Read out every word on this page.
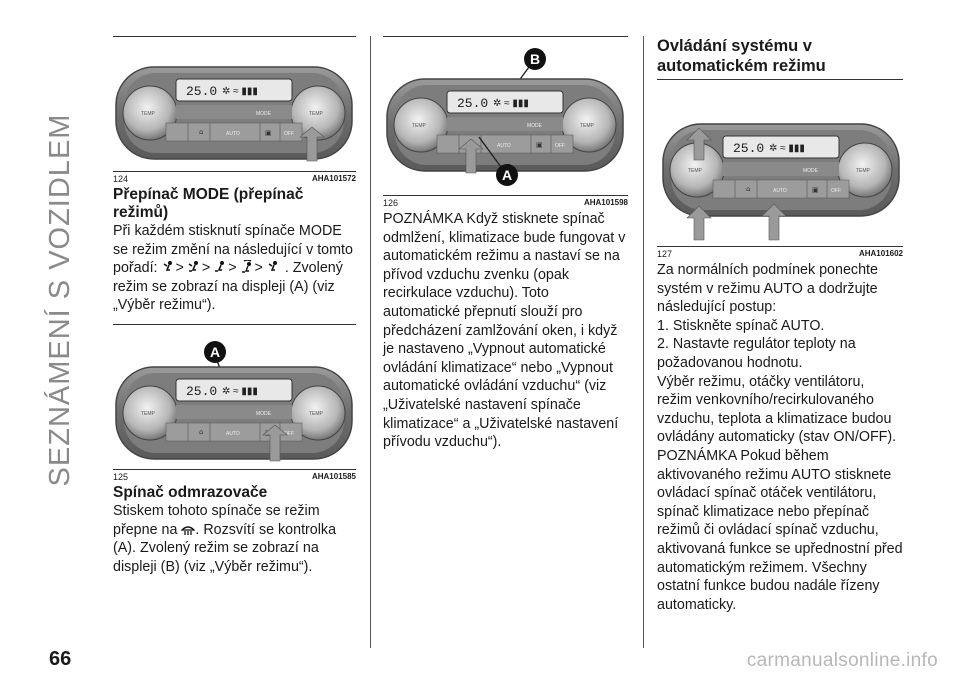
SEZNÁMENÍ S VOZIDLEM	124	AHA101572
Přepínač MODE (přepínač režimů)

Při každém stisknutí spínače MODE se režim změní na následující v tomto pořadí: > > > > . Zvolený režim se zobrazí na displeji (A) (viz „Výběr režimu“).

A
125	AHA101585
Spínač odmrazovače

Stiskem tohoto spínače se režim přepne na . Rozsvítí se kontrolka (A). Zvolený režim se zobrazí na displeji (B) (viz „Výběr režimu“).

B
A
126	AHA101598

POZNÁMKA Když stisknete spínač odmlžení, klimatizace bude fungovat v automatickém režimu a nastaví se na přívod vzduchu zvenku (opak recirkulace vzduchu). Toto automatické přepnutí slouží pro předcházení zamlžování oken, i když je nastaveno „Vypnout automatické ovládání klimatizace“ nebo „Vypnout automatické ovládání vzduchu“ (viz „Uživatelské nastavení spínače klimatizace“ a „Uživatelské nastavení přívodu vzduchu“).

Ovládání systému v automatickém režimu
127	AHA101602

Za normálních podmínek ponechte systém v režimu AUTO a dodržujte následující postup:

1. Stiskněte spínač AUTO.

2. Nastavte regulátor teploty na požadovanou hodnotu.

Výběr režimu, otáčky ventilátoru, režim venkovního/recirkulovaného vzduchu, teplota a klimatizace budou ovládány automaticky (stav ON/OFF).

POZNÁMKA Pokud během aktivovaného režimu AUTO stisknete ovládací spínač otáček ventilátoru, spínač klimatizace nebo přepínač režimů či ovládací spínač vzduchu, aktivovaná funkce se upřednostní před automatickým režimem. Všechny ostatní funkce budou nadále řízeny automaticky.

66	carmanualsonline.info
